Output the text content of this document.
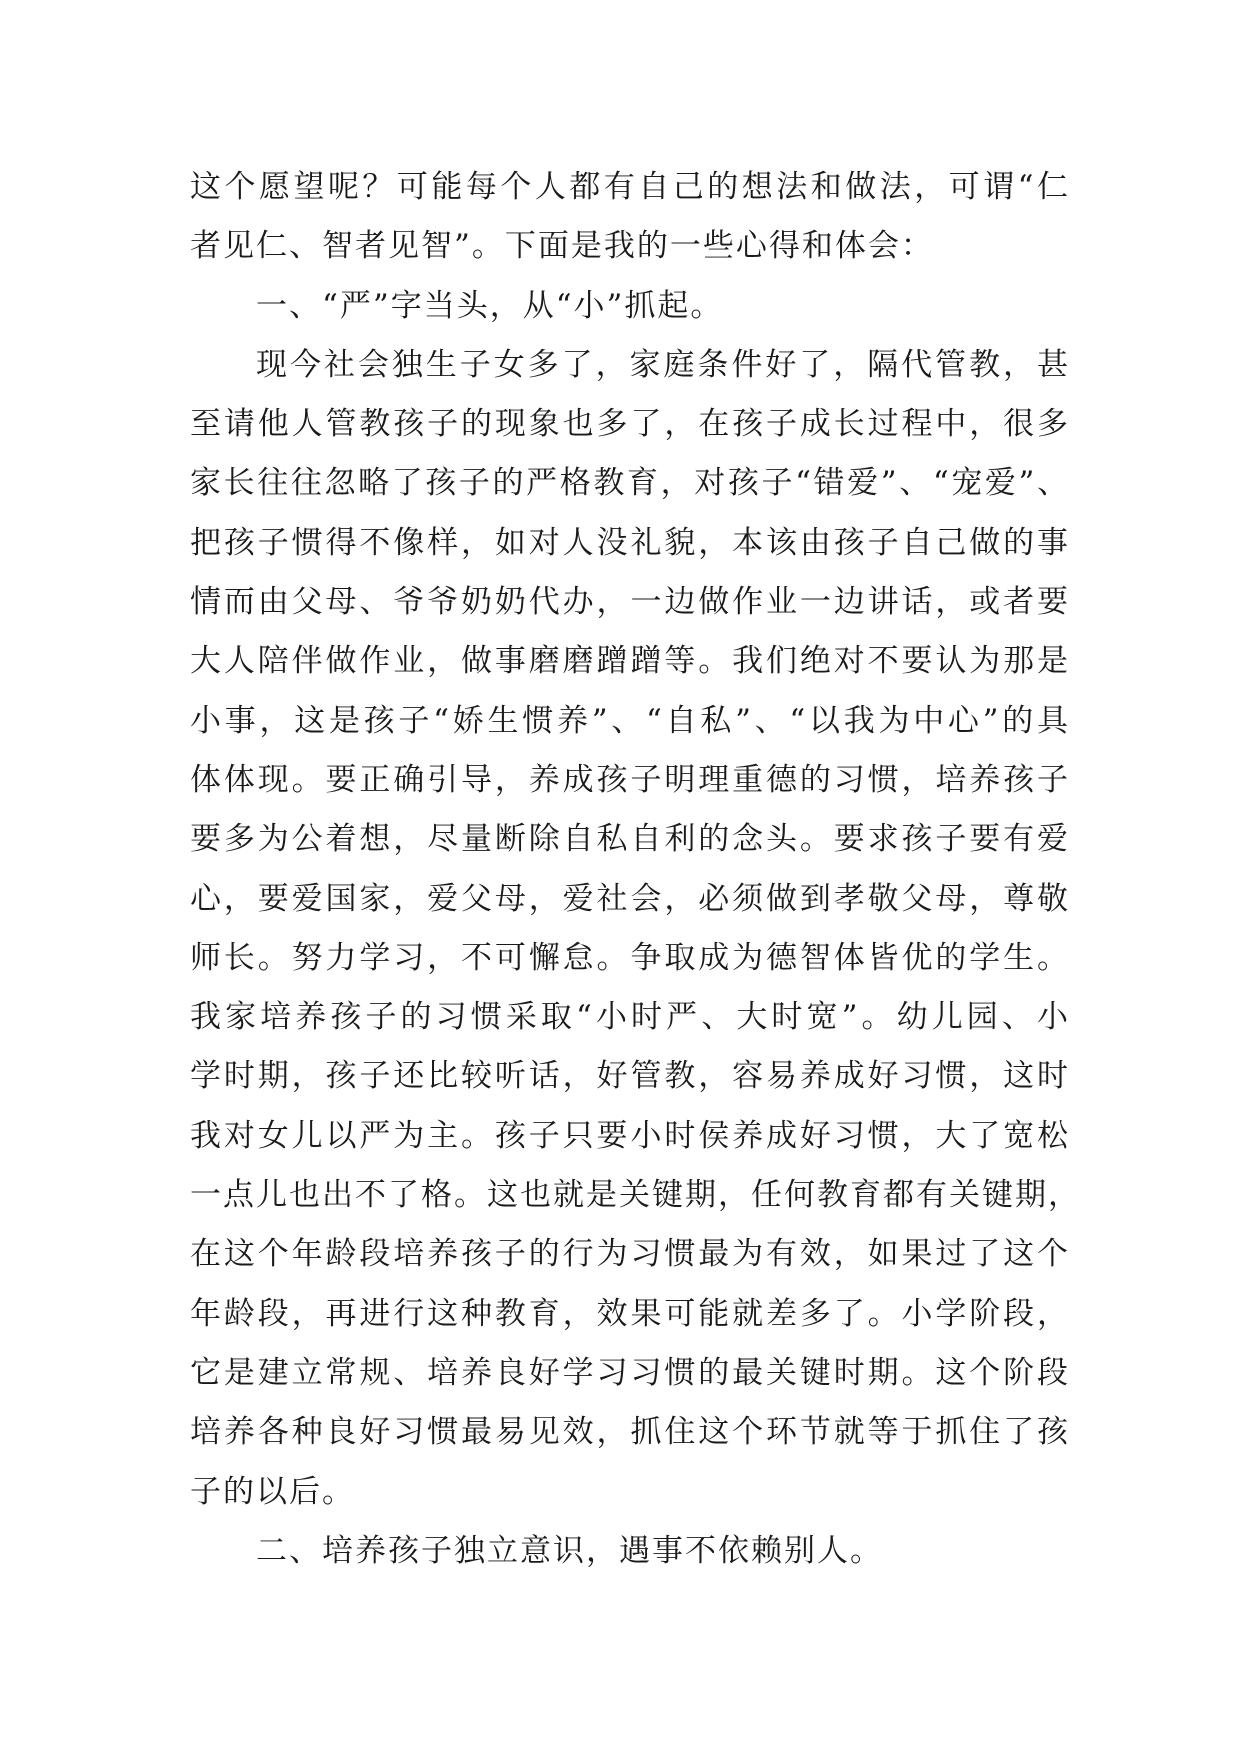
这个愿望呢？可能每个人都有自己的想法和做法，可谓“仁
者见仁、智者见智”。下面是我的一些心得和体会：
一、“严”字当头，从“小”抓起。
现今社会独生子女多了，家庭条件好了，隔代管教，甚
至请他人管教孩子的现象也多了，在孩子成长过程中，很多
家长往往忽略了孩子的严格教育，对孩子“错爱”、“宠爱”、
把孩子惯得不像样，如对人没礼貌，本该由孩子自己做的事
情而由父母、爷爷奶奶代办，一边做作业一边讲话，或者要
大人陪伴做作业，做事磨磨蹭蹭等。我们绝对不要认为那是
小事，这是孩子“娇生惯养”、“自私”、“以我为中心”的具
体体现。要正确引导，养成孩子明理重德的习惯，培养孩子
要多为公着想，尽量断除自私自利的念头。要求孩子要有爱
心，要爱国家，爱父母，爱社会，必须做到孝敬父母，尊敬
师长。努力学习，不可懈怠。争取成为德智体皆优的学生。
我家培养孩子的习惯采取“小时严、大时宽”。幼儿园、小
学时期，孩子还比较听话，好管教，容易养成好习惯，这时
我对女儿以严为主。孩子只要小时侯养成好习惯，大了宽松
一点儿也出不了格。这也就是关键期，任何教育都有关键期，
在这个年龄段培养孩子的行为习惯最为有效，如果过了这个
年龄段，再进行这种教育，效果可能就差多了。小学阶段，
它是建立常规、培养良好学习习惯的最关键时期。这个阶段
培养各种良好习惯最易见效，抓住这个环节就等于抓住了孩
子的以后。
二、培养孩子独立意识，遇事不依赖别人。
